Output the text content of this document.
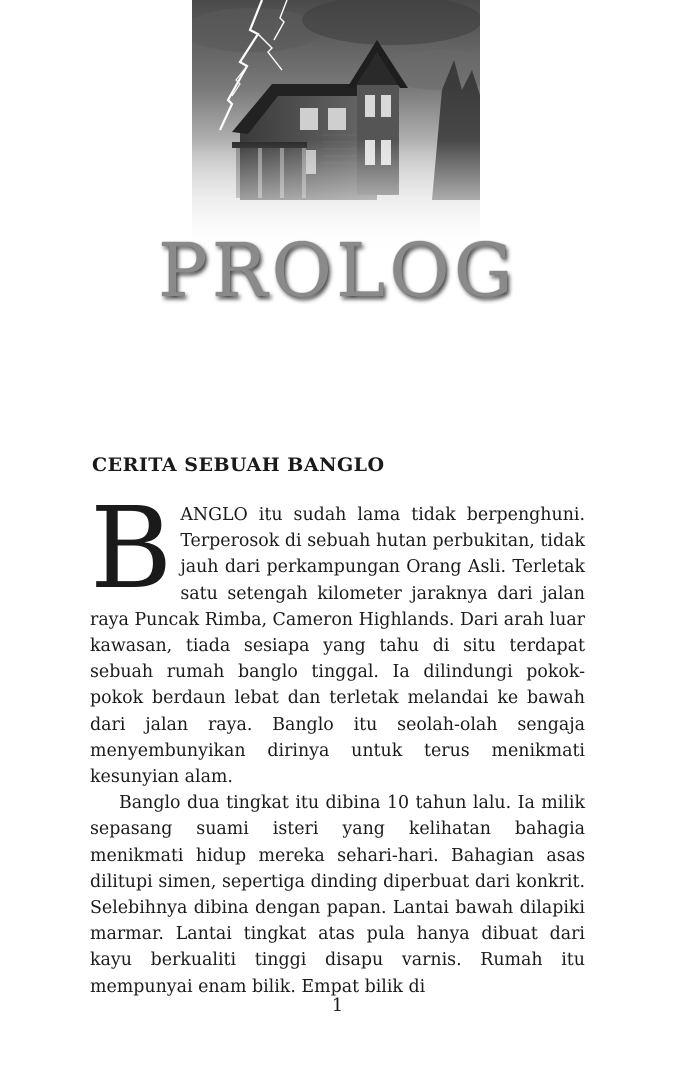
PROLOG
CERITA SEBUAH BANGLO

BANGLO itu sudah lama tidak berpenghuni. Terperosok di sebuah hutan perbukitan, tidak jauh dari perkampungan Orang Asli. Terletak satu setengah kilometer jaraknya dari jalan raya Puncak Rimba, Cameron Highlands. Dari arah luar kawasan, tiada sesiapa yang tahu di situ terdapat sebuah rumah banglo tinggal. Ia dilindungi pokok-pokok berdaun lebat dan terletak melandai ke bawah dari jalan raya. Banglo itu seolah-olah sengaja menyembunyikan dirinya untuk terus menikmati kesunyian alam.

Banglo dua tingkat itu dibina 10 tahun lalu. Ia milik sepasang suami isteri yang kelihatan bahagia menikmati hidup mereka sehari-hari. Bahagian asas dilitupi simen, sepertiga dinding diperbuat dari konkrit. Selebihnya dibina dengan papan. Lantai bawah dilapiki marmar. Lantai tingkat atas pula hanya dibuat dari kayu berkualiti tinggi disapu varnis. Rumah itu mempunyai enam bilik. Empat bilik di

1
